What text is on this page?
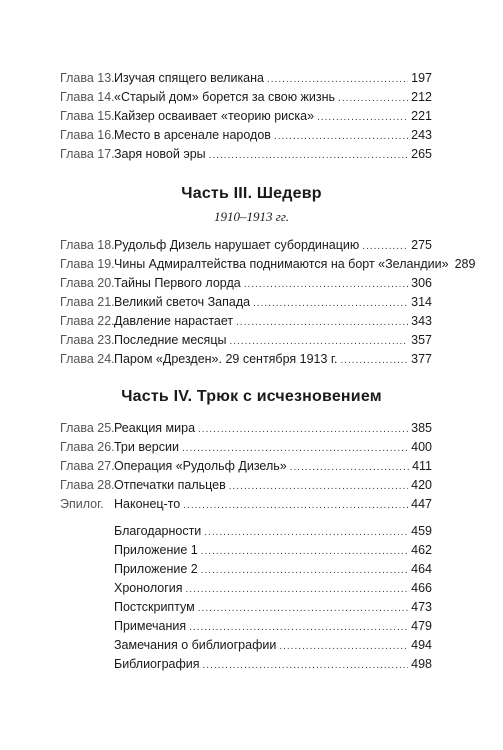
Глава 13. Изучая спящего великана .....	197
Глава 14. «Старый дом» борется за свою жизнь .....	212
Глава 15. Кайзер осваивает «теорию риска» .....	221
Глава 16. Место в арсенале народов .....	243
Глава 17. Заря новой эры .....	265
Часть III. Шедевр
1910–1913 гг.
Глава 18. Рудольф Дизель нарушает субординацию .....	275
Глава 19. Чины Адмиралтейства поднимаются на борт «Зеландии» 289
Глава 20. Тайны Первого лорда .....	306
Глава 21. Великий светоч Запада .....	314
Глава 22. Давление нарастает .....	343
Глава 23. Последние месяцы .....	357
Глава 24. Паром «Дрезден». 29 сентября 1913 г. .....	377
Часть IV. Трюк с исчезновением
Глава 25. Реакция мира .....	385
Глава 26. Три версии .....	400
Глава 27. Операция «Рудольф Дизель» .....	411
Глава 28. Отпечатки пальцев .....	420
Эпилог. Наконец-то .....	447
Благодарности .....	459
Приложение 1 .....	462
Приложение 2 .....	464
Хронология .....	466
Постскриптум .....	473
Примечания .....	479
Замечания о библиографии .....	494
Библиография .....	498
